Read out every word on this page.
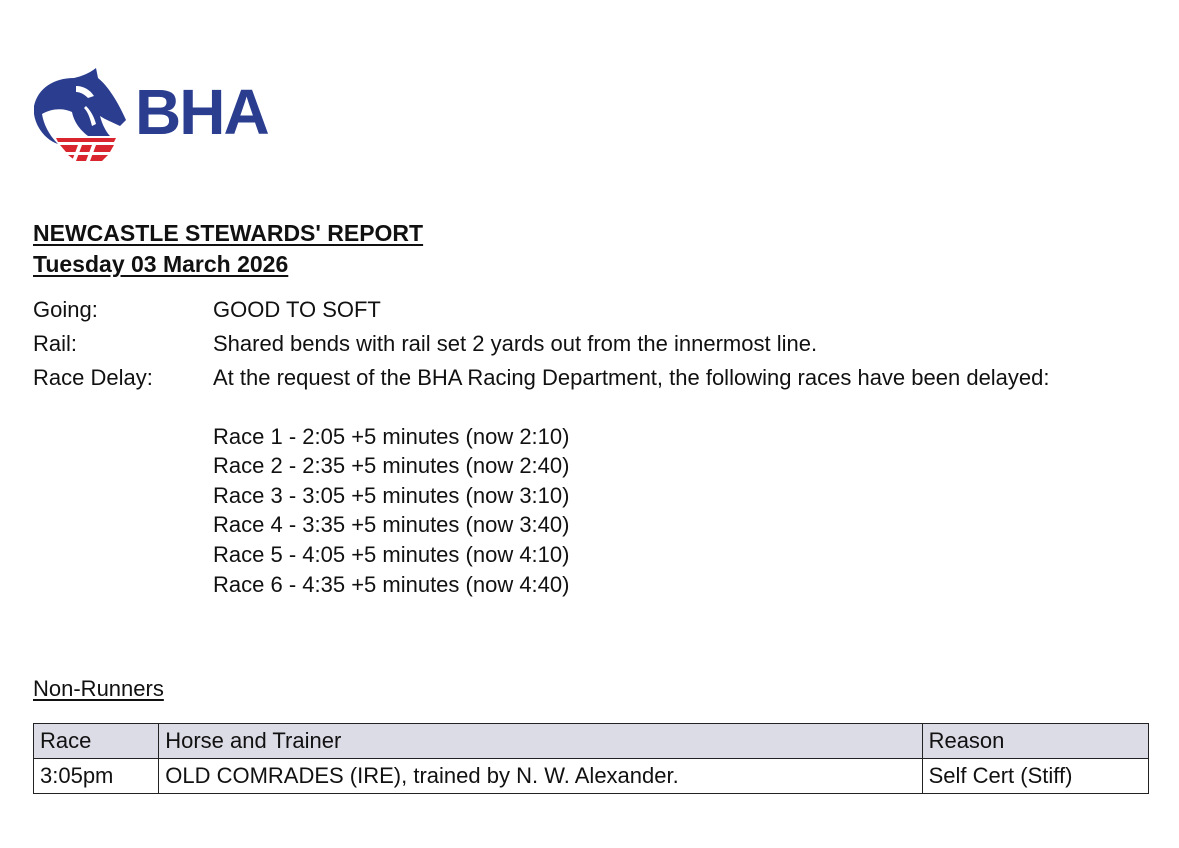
BHA
NEWCASTLE STEWARDS' REPORT
Tuesday 03 March 2026
Going:	GOOD TO SOFT
Rail:	Shared bends with rail set 2 yards out from the innermost line.
Race Delay:	At the request of the BHA Racing Department, the following races have been delayed:
Race 1 - 2:05 +5 minutes (now 2:10)
Race 2 - 2:35 +5 minutes (now 2:40)
Race 3 - 3:05 +5 minutes (now 3:10)
Race 4 - 3:35 +5 minutes (now 3:40)
Race 5 - 4:05 +5 minutes (now 4:10)
Race 6 - 4:35 +5 minutes (now 4:40)
Non-Runners
Race	Horse and Trainer	Reason
3:05pm	OLD COMRADES (IRE), trained by N. W. Alexander.	Self Cert (Stiff)
